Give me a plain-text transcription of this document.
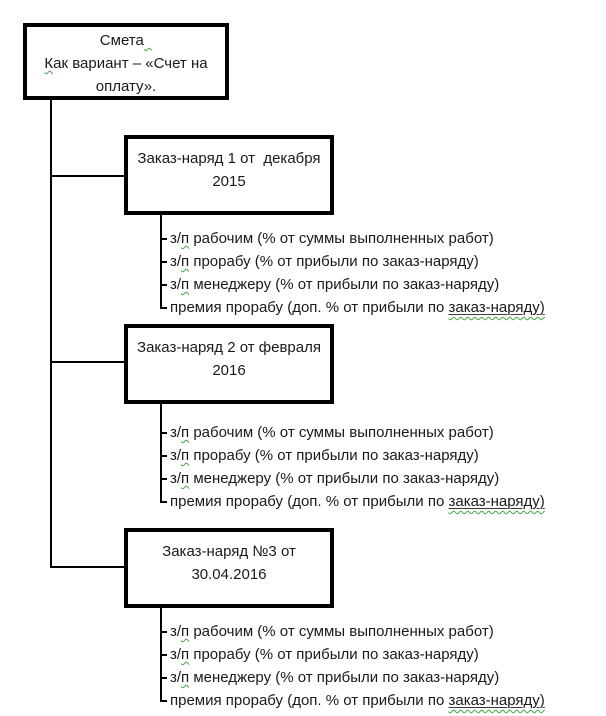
Смета
Как вариант – «Счет на
оплату».
Заказ-наряд 1 от  декабря
2015
з/п рабочим (% от суммы выполненных работ)
з/п прорабу (% от прибыли по заказ-наряду)
з/п менеджеру (% от прибыли по заказ-наряду)
премия прорабу (доп. % от прибыли по заказ-наряду)
Заказ-наряд 2 от февраля
2016
з/п рабочим (% от суммы выполненных работ)
з/п прорабу (% от прибыли по заказ-наряду)
з/п менеджеру (% от прибыли по заказ-наряду)
премия прорабу (доп. % от прибыли по заказ-наряду)
Заказ-наряд №3 от
30.04.2016
з/п рабочим (% от суммы выполненных работ)
з/п прорабу (% от прибыли по заказ-наряду)
з/п менеджеру (% от прибыли по заказ-наряду)
премия прорабу (доп. % от прибыли по заказ-наряду)
